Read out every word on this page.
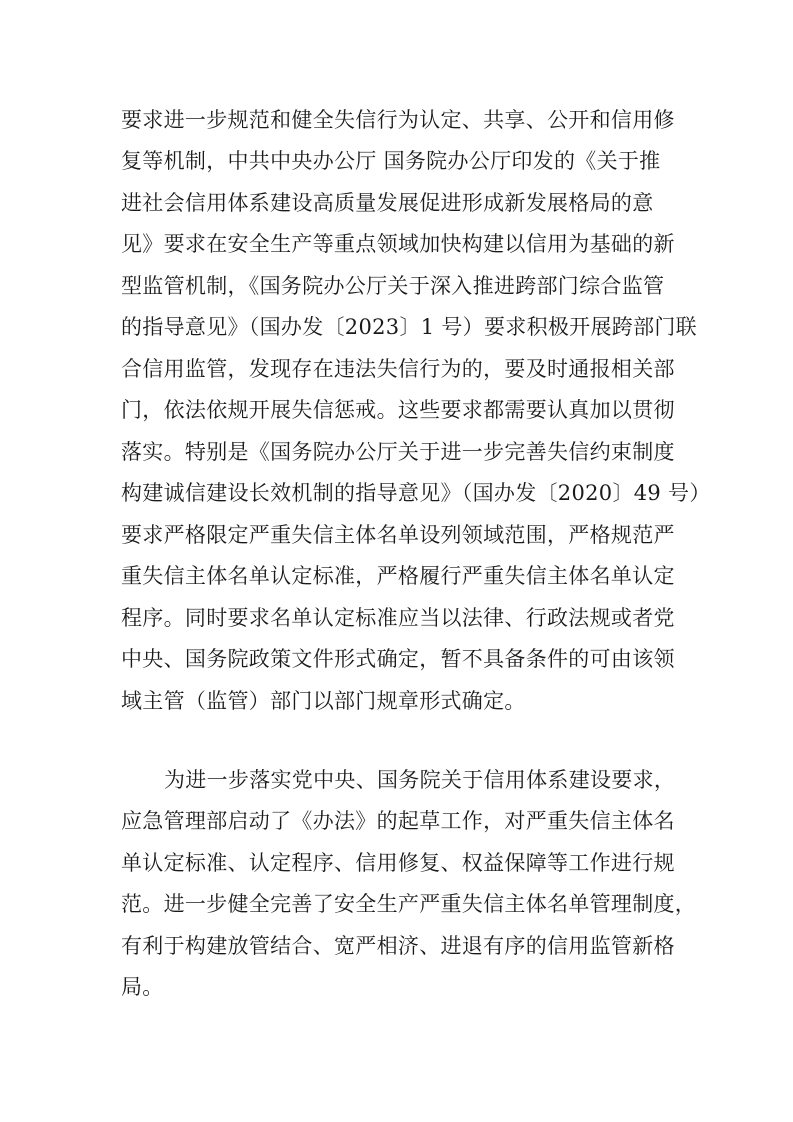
要求进一步规范和健全失信行为认定、共享、公开和信用修
复等机制，中共中央办公厅 国务院办公厅印发的《关于推
进社会信用体系建设高质量发展促进形成新发展格局的意
见》要求在安全生产等重点领域加快构建以信用为基础的新
型监管机制，《国务院办公厅关于深入推进跨部门综合监管
的指导意见》（国办发〔2023〕1 号）要求积极开展跨部门联
合信用监管，发现存在违法失信行为的，要及时通报相关部
门，依法依规开展失信惩戒。这些要求都需要认真加以贯彻
落实。特别是《国务院办公厅关于进一步完善失信约束制度
构建诚信建设长效机制的指导意见》（国办发〔2020〕49 号）
要求严格限定严重失信主体名单设列领域范围，严格规范严
重失信主体名单认定标准，严格履行严重失信主体名单认定
程序。同时要求名单认定标准应当以法律、行政法规或者党
中央、国务院政策文件形式确定，暂不具备条件的可由该领
域主管（监管）部门以部门规章形式确定。
为进一步落实党中央、国务院关于信用体系建设要求，
应急管理部启动了《办法》的起草工作，对严重失信主体名
单认定标准、认定程序、信用修复、权益保障等工作进行规
范。进一步健全完善了安全生产严重失信主体名单管理制度，
有利于构建放管结合、宽严相济、进退有序的信用监管新格
局。
